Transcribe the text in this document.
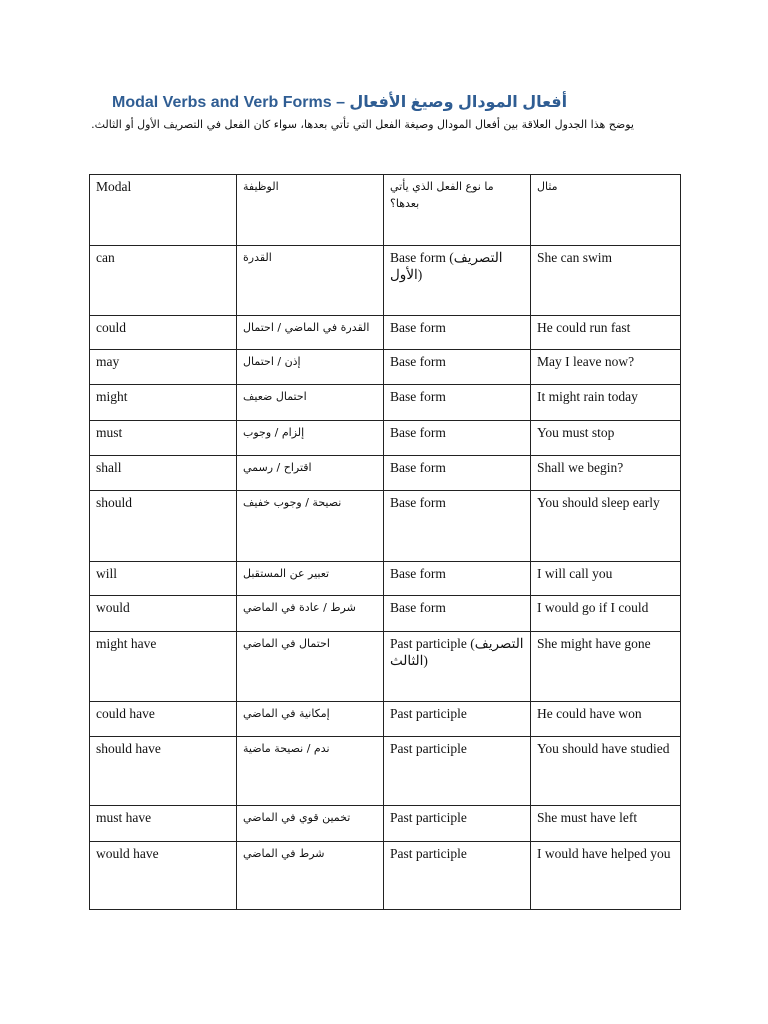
Modal Verbs and Verb Forms – أفعال المودال وصيغ الأفعال

يوضح هذا الجدول العلاقة بين أفعال المودال وصيغة الفعل التي تأتي بعدها، سواء كان الفعل في التصريف الأول أو الثالث.

Modal	الوظيفة	ما نوع الفعل الذي يأتي بعدها؟	مثال
can	القدرة	Base form (التصريف الأول)	She can swim
could	القدرة في الماضي / احتمال	Base form	He could run fast
may	إذن / احتمال	Base form	May I leave now?
might	احتمال ضعيف	Base form	It might rain today
must	إلزام / وجوب	Base form	You must stop
shall	اقتراح / رسمي	Base form	Shall we begin?
should	نصيحة / وجوب خفيف	Base form	You should sleep early
will	تعبير عن المستقبل	Base form	I will call you
would	شرط / عادة في الماضي	Base form	I would go if I could
might have	احتمال في الماضي	Past participle (التصريف الثالث)	She might have gone
could have	إمكانية في الماضي	Past participle	He could have won
should have	ندم / نصيحة ماضية	Past participle	You should have studied
must have	تخمين قوي في الماضي	Past participle	She must have left
would have	شرط في الماضي	Past participle	I would have helped you
